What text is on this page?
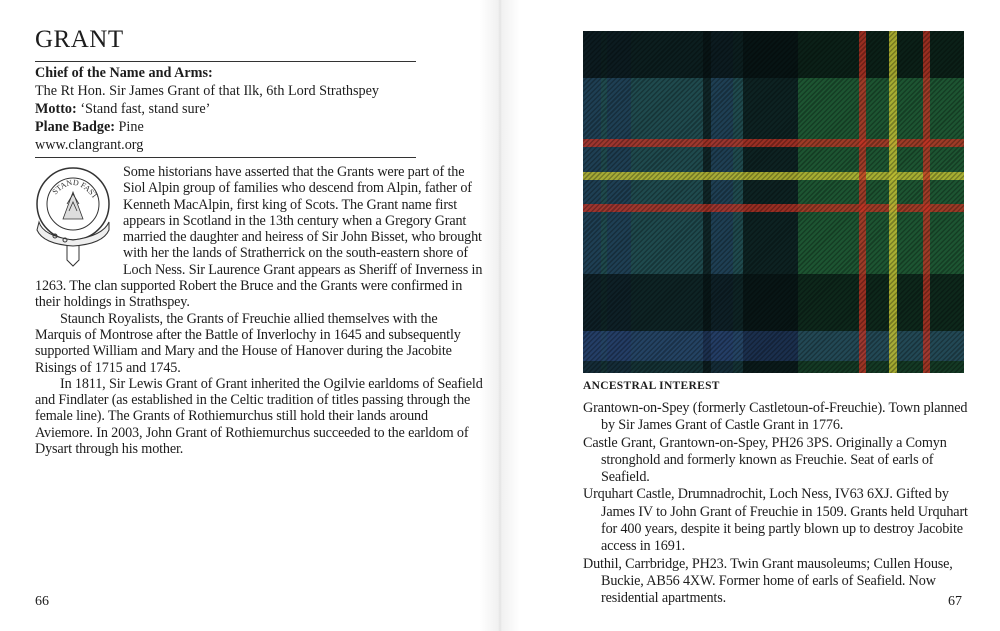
GRANT
Chief of the Name and Arms:
The Rt Hon. Sir James Grant of that Ilk, 6th Lord Strathspey
Motto: ‘Stand fast, stand sure’
Plane Badge: Pine
www.clangrant.org
STAND FAST

Some historians have asserted that the Grants were part of the Siol Alpin group of families who descend from Alpin, father of Kenneth MacAlpin, first king of Scots. The Grant name first appears in Scotland in the 13th century when a Gregory Grant married the daughter and heiress of Sir John Bisset, who brought with her the lands of Stratherrick on the south-eastern shore of Loch Ness. Sir Laurence Grant appears as Sheriff of Inverness in 1263. The clan supported Robert the Bruce and the Grants were confirmed in their holdings in Strathspey.

Staunch Royalists, the Grants of Freuchie allied themselves with the Marquis of Montrose after the Battle of Inverlochy in 1645 and subsequently supported William and Mary and the House of Hanover during the Jacobite Risings of 1715 and 1745.

In 1811, Sir Lewis Grant of Grant inherited the Ogilvie earldoms of Seafield and Findlater (as established in the Celtic tradition of titles passing through the female line). The Grants of Rothiemurchus still hold their lands around Aviemore. In 2003, John Grant of Rothiemurchus succeeded to the earldom of Dysart through his mother.

66
ANCESTRAL INTEREST
Grantown-on-Spey (formerly Castletoun-of-Freuchie). Town planned by Sir James Grant of Castle Grant in 1776.
Castle Grant, Grantown-on-Spey, PH26 3PS. Originally a Comyn stronghold and formerly known as Freuchie. Seat of earls of Seafield.
Urquhart Castle, Drumnadrochit, Loch Ness, IV63 6XJ. Gifted by James IV to John Grant of Freuchie in 1509. Grants held Urquhart for 400 years, despite it being partly blown up to destroy Jacobite access in 1691.
Duthil, Carrbridge, PH23. Twin Grant mausoleums; Cullen House, Buckie, AB56 4XW. Former home of earls of Seafield. Now residential apartments.	67
